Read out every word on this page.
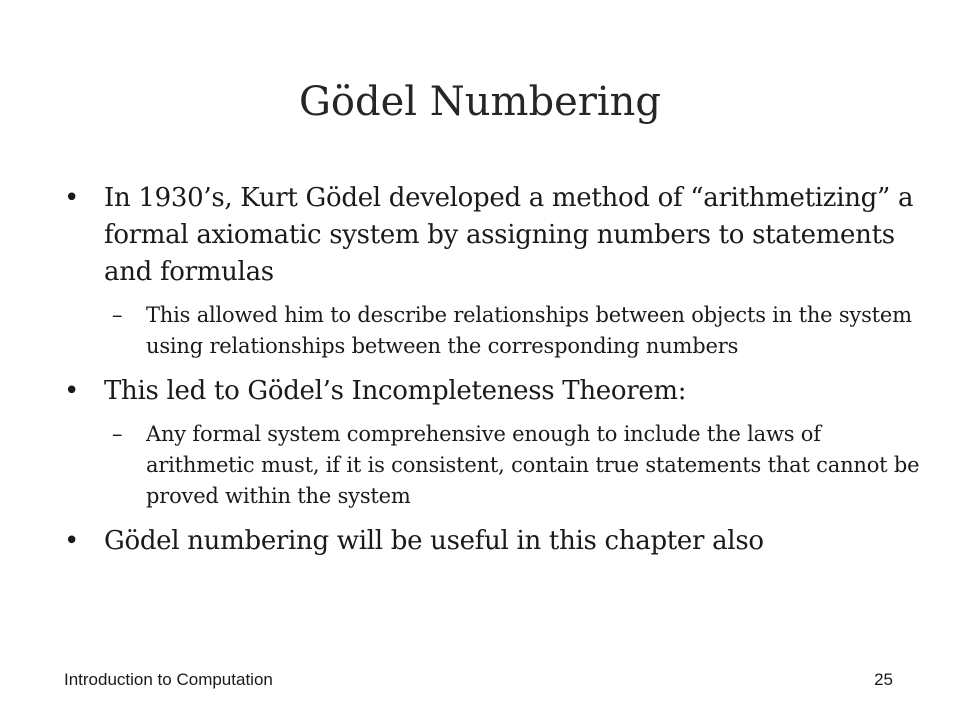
Gödel Numbering
• In 1930’s, Kurt Gödel developed a method of “arithmetizing” a formal axiomatic system by assigning numbers to statements and formulas
– This allowed him to describe relationships between objects in the system using relationships between the corresponding numbers
• This led to Gödel’s Incompleteness Theorem:
– Any formal system comprehensive enough to include the laws of arithmetic must, if it is consistent, contain true statements that cannot be proved within the system
• Gödel numbering will be useful in this chapter also
Introduction to Computation	25
